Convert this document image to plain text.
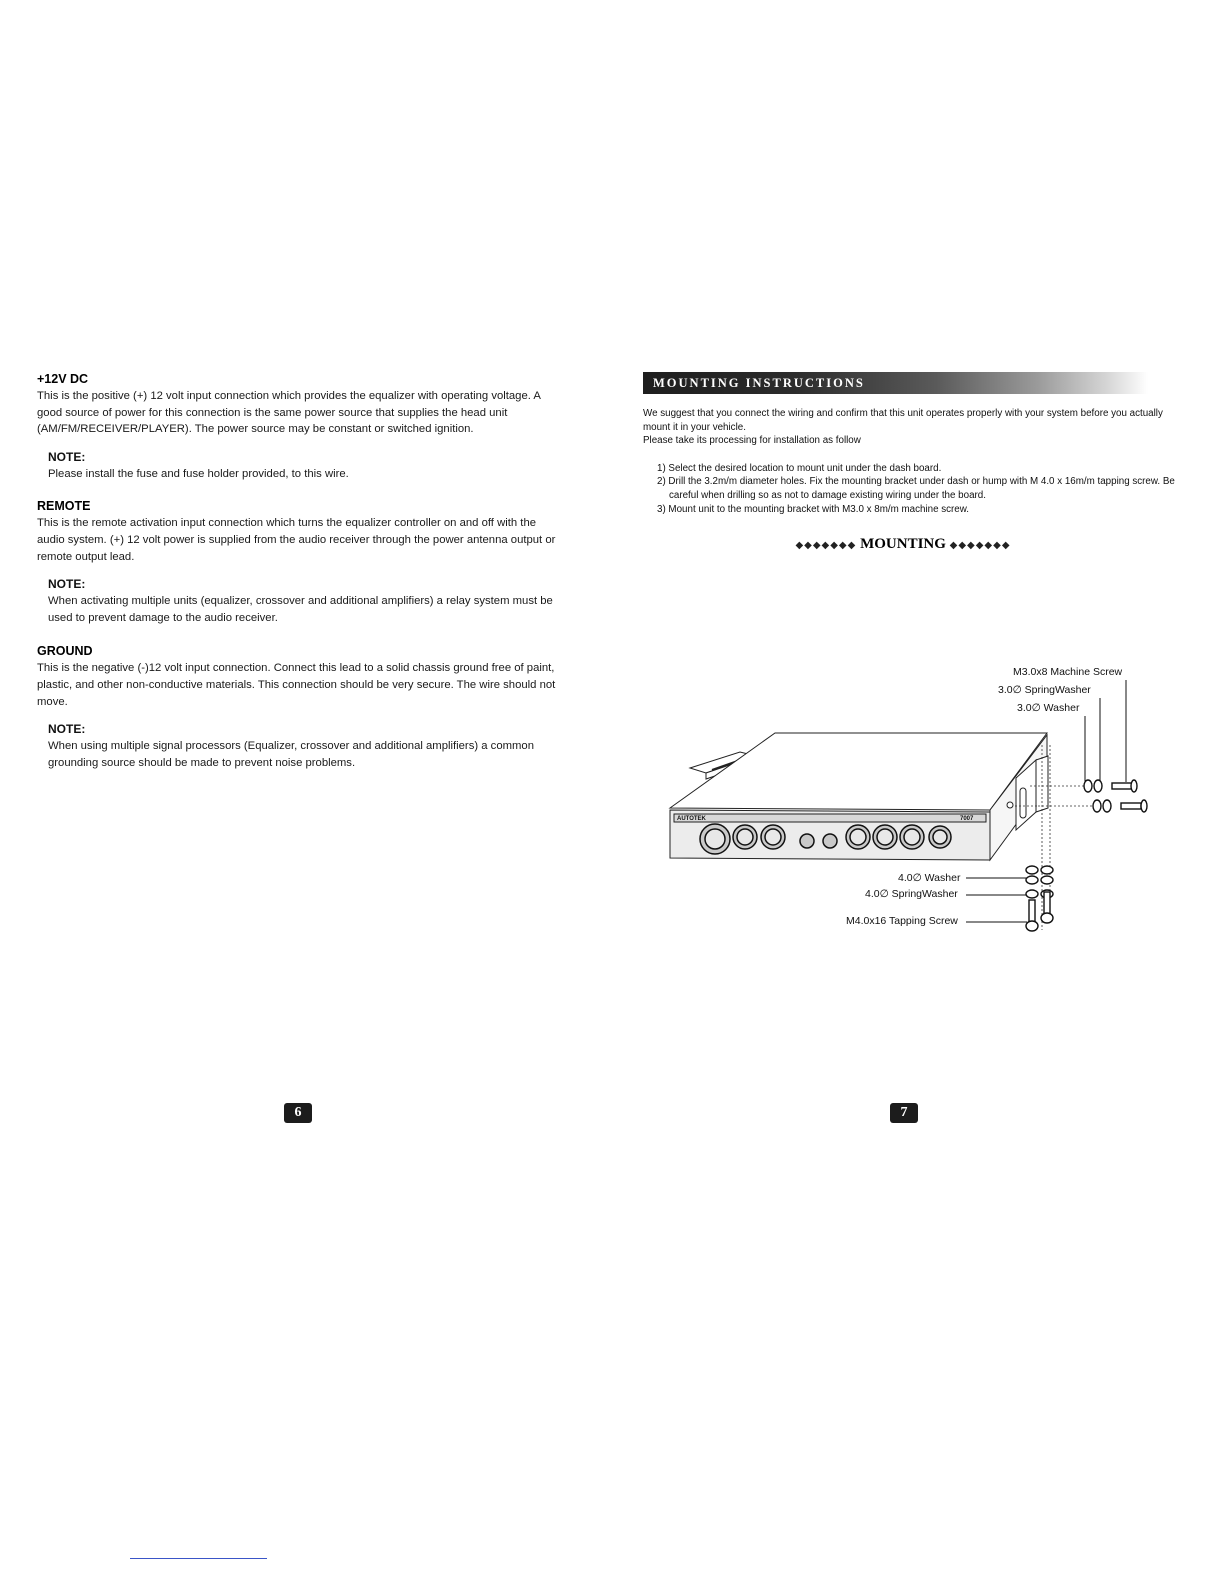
+12V DC

This is the positive (+) 12 volt input connection which provides the equalizer with operating voltage. A good source of power for this connection is the same power source that supplies the head unit (AM/FM/RECEIVER/PLAYER). The power source may be constant or switched ignition.

NOTE:

Please install the fuse and fuse holder provided, to this wire.

REMOTE

This is the remote activation input connection which turns the equalizer controller on and off with the audio system. (+) 12 volt power is supplied from the audio receiver through the power antenna output or remote output lead.

NOTE:

When activating multiple units (equalizer, crossover and additional amplifiers) a relay system must be used to prevent damage to the audio receiver.

GROUND

This is the negative (-)12 volt input connection. Connect this lead to a solid chassis ground free of paint, plastic, and other non-conductive materials. This connection should be very secure. The wire should not move.

NOTE:

When using multiple signal processors (Equalizer, crossover and additional amplifiers) a common grounding source should be made to prevent noise problems.

MOUNTING INSTRUCTIONS

We suggest that you connect the wiring and confirm that this unit operates properly with your system before you actually mount it in your vehicle.

Please take its processing for installation as follow

1) Select the desired location to mount unit under the dash board.
2) Drill the 3.2m/m diameter holes. Fix the mounting bracket under dash or hump with M 4.0 x 16m/m tapping screw. Be careful when drilling so as not to damage existing wiring under the board.
3) Mount unit to the mounting bracket with M3.0 x 8m/m machine screw.
◆◆◆◆◆◆◆ MOUNTING ◆◆◆◆◆◆◆
AUTOTEK	7007
M3.0x8 Machine Screw
3.0∅ SpringWasher
3.0∅ Washer
4.0∅ Washer
4.0∅ SpringWasher
M4.0x16 Tapping Screw
6	7
